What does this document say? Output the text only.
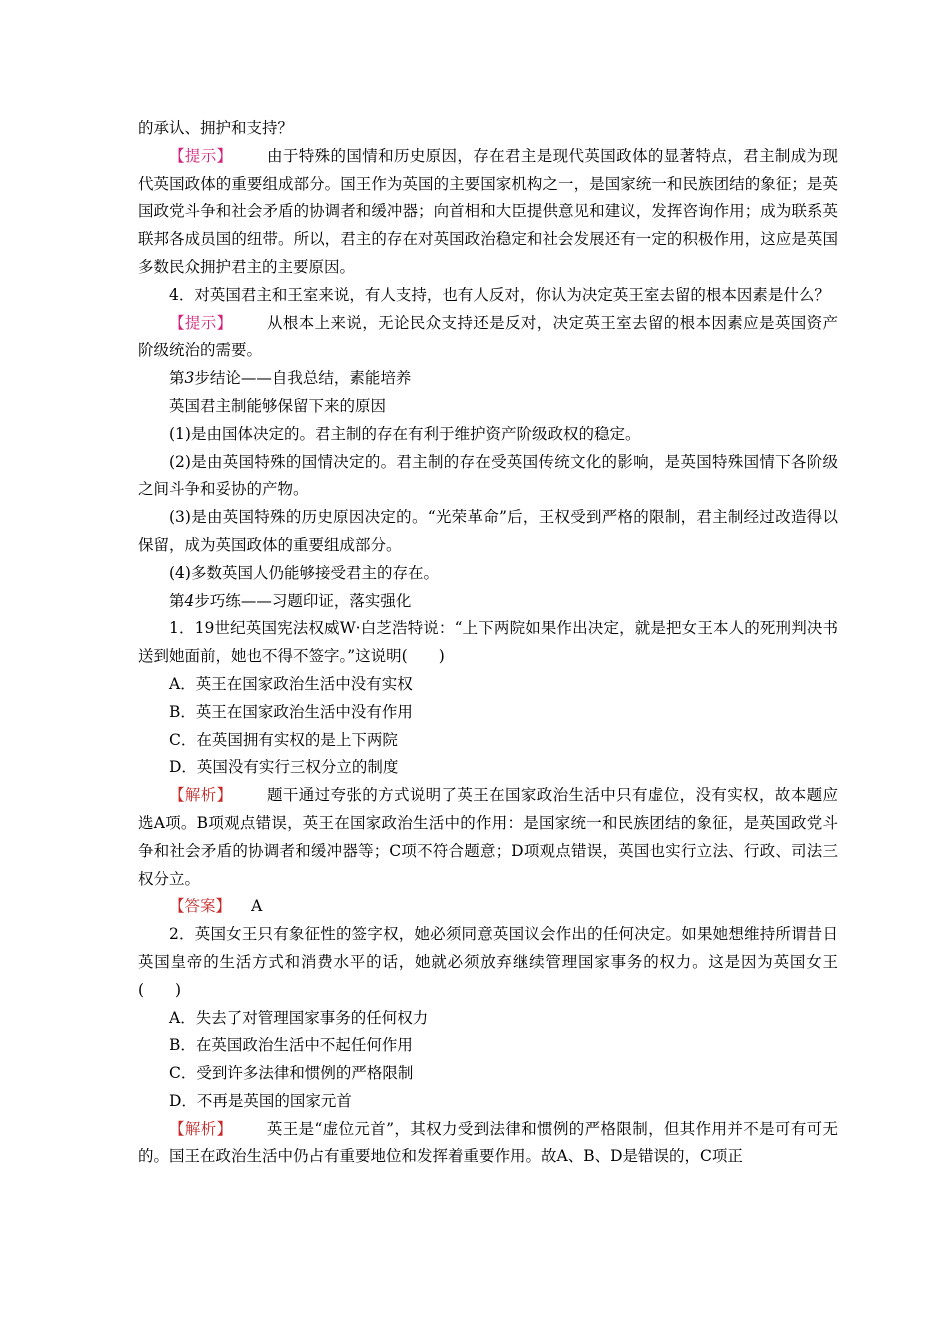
的承认、拥护和支持？

【提示】 由于特殊的国情和历史原因，存在君主是现代英国政体的显著特点，君主制成为现代英国政体的重要组成部分。国王作为英国的主要国家机构之一，是国家统一和民族团结的象征；是英国政党斗争和社会矛盾的协调者和缓冲器；向首相和大臣提供意见和建议，发挥咨询作用；成为联系英联邦各成员国的纽带。所以，君主的存在对英国政治稳定和社会发展还有一定的积极作用，这应是英国多数民众拥护君主的主要原因。

4．对英国君主和王室来说，有人支持，也有人反对，你认为决定英王室去留的根本因素是什么？

【提示】 从根本上来说，无论民众支持还是反对，决定英王室去留的根本因素应是英国资产阶级统治的需要。

第3步结论——自我总结，素能培养

英国君主制能够保留下来的原因

(1)是由国体决定的。君主制的存在有利于维护资产阶级政权的稳定。

(2)是由英国特殊的国情决定的。君主制的存在受英国传统文化的影响，是英国特殊国情下各阶级之间斗争和妥协的产物。

(3)是由英国特殊的历史原因决定的。“光荣革命”后，王权受到严格的限制，君主制经过改造得以保留，成为英国政体的重要组成部分。

(4)多数英国人仍能够接受君主的存在。

第4步巧练——习题印证，落实强化

1．19世纪英国宪法权威W·白芝浩特说：“上下两院如果作出决定，就是把女王本人的死刑判决书送到她面前，她也不得不签字。”这说明(　　)

A．英王在国家政治生活中没有实权

B．英王在国家政治生活中没有作用

C．在英国拥有实权的是上下两院

D．英国没有实行三权分立的制度

【解析】 题干通过夸张的方式说明了英王在国家政治生活中只有虚位，没有实权，故本题应选A项。B项观点错误，英王在国家政治生活中的作用：是国家统一和民族团结的象征，是英国政党斗争和社会矛盾的协调者和缓冲器等；C项不符合题意；D项观点错误，英国也实行立法、行政、司法三权分立。

【答案】 A

2．英国女王只有象征性的签字权，她必须同意英国议会作出的任何决定。如果她想维持所谓昔日英国皇帝的生活方式和消费水平的话，她就必须放弃继续管理国家事务的权力。这是因为英国女王(　　)

A．失去了对管理国家事务的任何权力

B．在英国政治生活中不起任何作用

C．受到许多法律和惯例的严格限制

D．不再是英国的国家元首

【解析】 英王是“虚位元首”，其权力受到法律和惯例的严格限制，但其作用并不是可有可无的。国王在政治生活中仍占有重要地位和发挥着重要作用。故A、B、D是错误的，C项正
